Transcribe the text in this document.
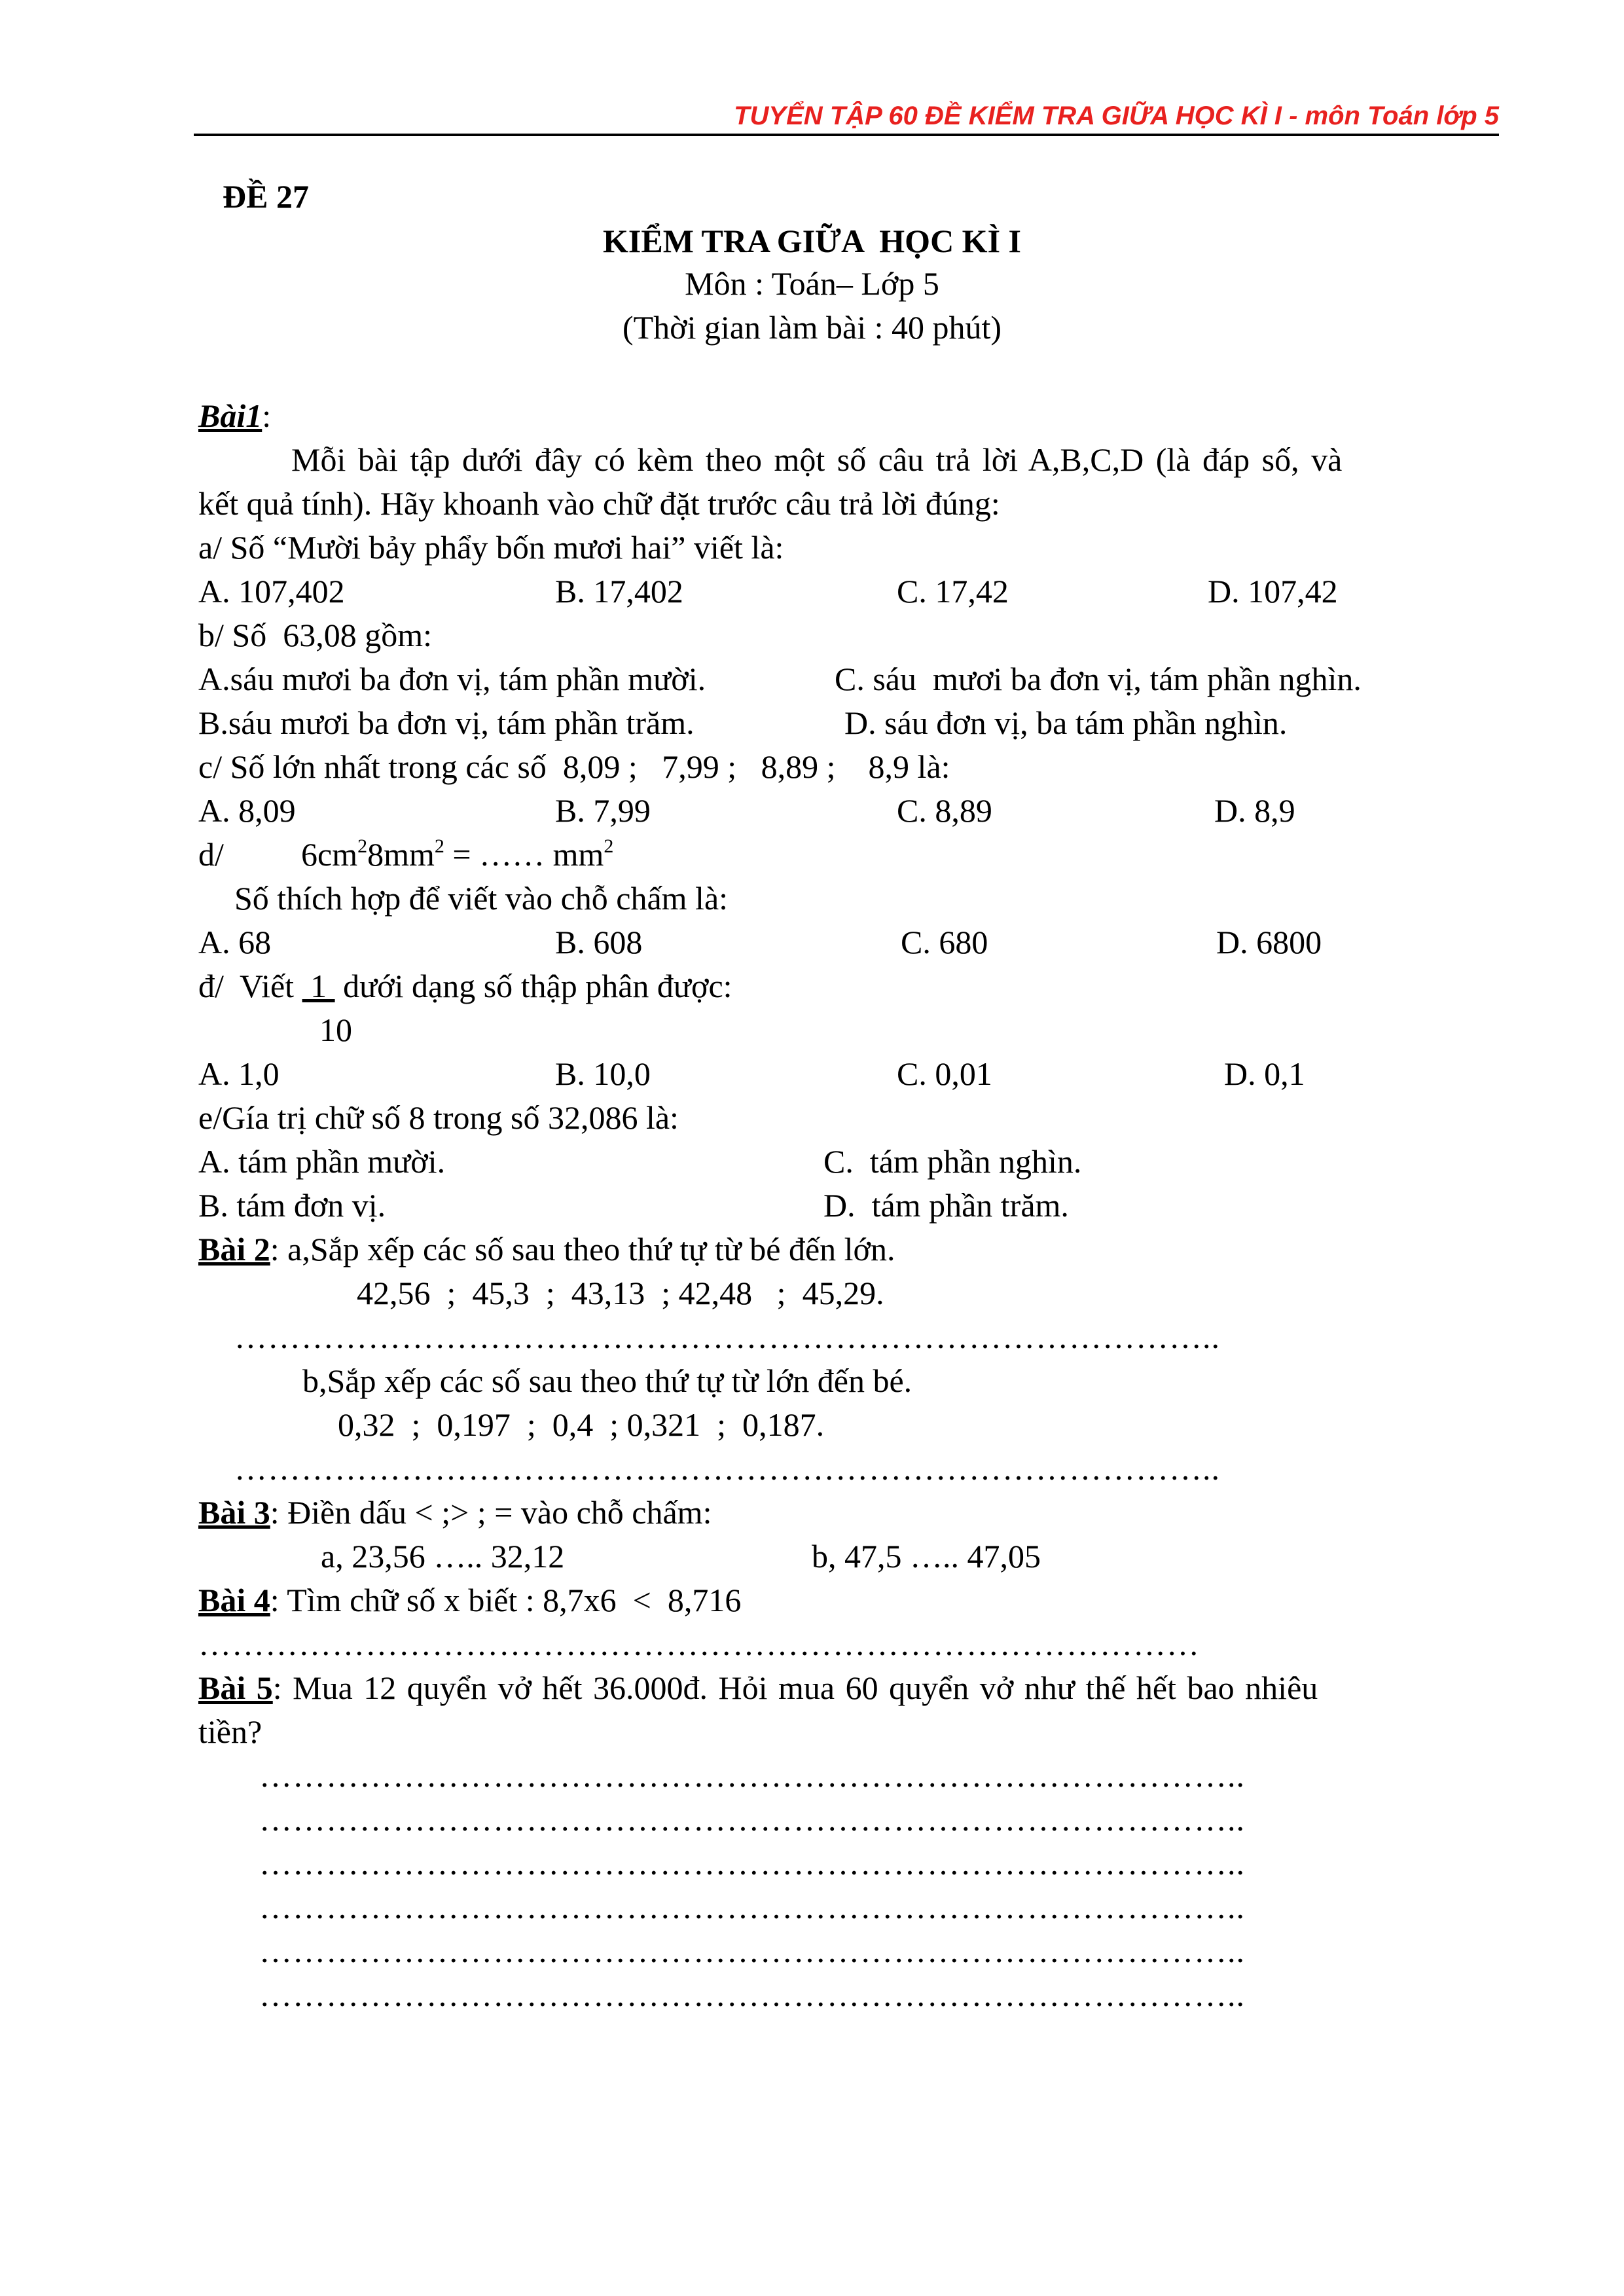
TUYỂN TẬP 60 ĐỀ KIỂM TRA GIỮA HỌC KÌ I - môn Toán lớp 5
ĐỀ 27
KIỂM TRA GIỮA  HỌC KÌ I
Môn : Toán– Lớp 5
(Thời gian làm bài : 40 phút)
Bài1:
Mỗi bài tập dưới đây có kèm theo một số câu trả lời A,B,C,D (là đáp số, và
kết quả tính). Hãy khoanh vào chữ đặt trước câu trả lời đúng:
a/ Số “Mười bảy phẩy bốn mươi hai” viết là:
A. 107,402	B. 17,402	C. 17,42	D. 107,42
b/ Số  63,08 gồm:
A.sáu mươi ba đơn vị, tám phần mười.	C. sáu  mươi ba đơn vị, tám phần nghìn.
B.sáu mươi ba đơn vị, tám phần trăm.	D. sáu đơn vị, ba tám phần nghìn.
c/ Số lớn nhất trong các số  8,09 ;   7,99 ;   8,89 ;    8,9 là:
A. 8,09	B. 7,99	C. 8,89	D. 8,9
d/ $6cm^28mm^2$ = …… $mm^2$
Số thích hợp để viết vào chỗ chấm là:
A. 68	B. 608	C. 680	D. 6800
đ/  Viết  1  dưới dạng số thập phân được:
10
A. 1,0	B. 10,0	C. 0,01	D. 0,1
e/Gía trị chữ số 8 trong số 32,086 là:
A. tám phần mười.	C.  tám phần nghìn.
B. tám đơn vị.	D.  tám phần trăm.
Bài 2: a,Sắp xếp các số sau theo thứ tự từ bé đến lớn.
42,56  ;  45,3  ;  43,13  ; 42,48   ;  45,29.
……………………………………………………………………………..
b,Sắp xếp các số sau theo thứ tự từ lớn đến bé.
0,32  ;  0,197  ;  0,4  ; 0,321  ;  0,187.
……………………………………………………………………………..
Bài 3: Điền dấu < ;> ; = vào chỗ chấm:
a, 23,56 ….. 32,12	b, 47,5 ….. 47,05
Bài 4: Tìm chữ số x biết : 8,7x6  <  8,716
………………………………………………………………………………
Bài 5: Mua 12 quyển vở hết 36.000đ. Hỏi mua 60 quyển vở như thế hết bao nhiêu
tiền?
……………………………………………………………………………..
……………………………………………………………………………..
……………………………………………………………………………..
……………………………………………………………………………..
……………………………………………………………………………..
……………………………………………………………………………..
